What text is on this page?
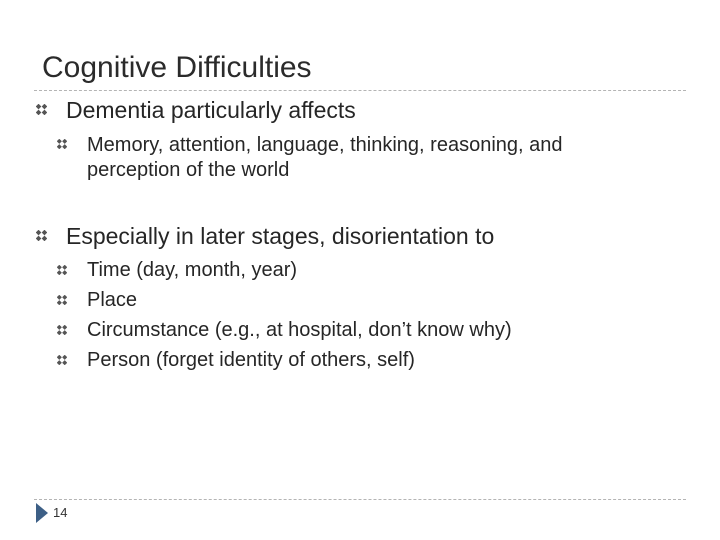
Cognitive Difficulties
Dementia particularly affects
Memory, attention, language, thinking, reasoning, and
perception of the world
Especially in later stages, disorientation to
Time (day, month, year)
Place
Circumstance (e.g., at hospital, don’t know why)
Person (forget identity of others, self)
14
